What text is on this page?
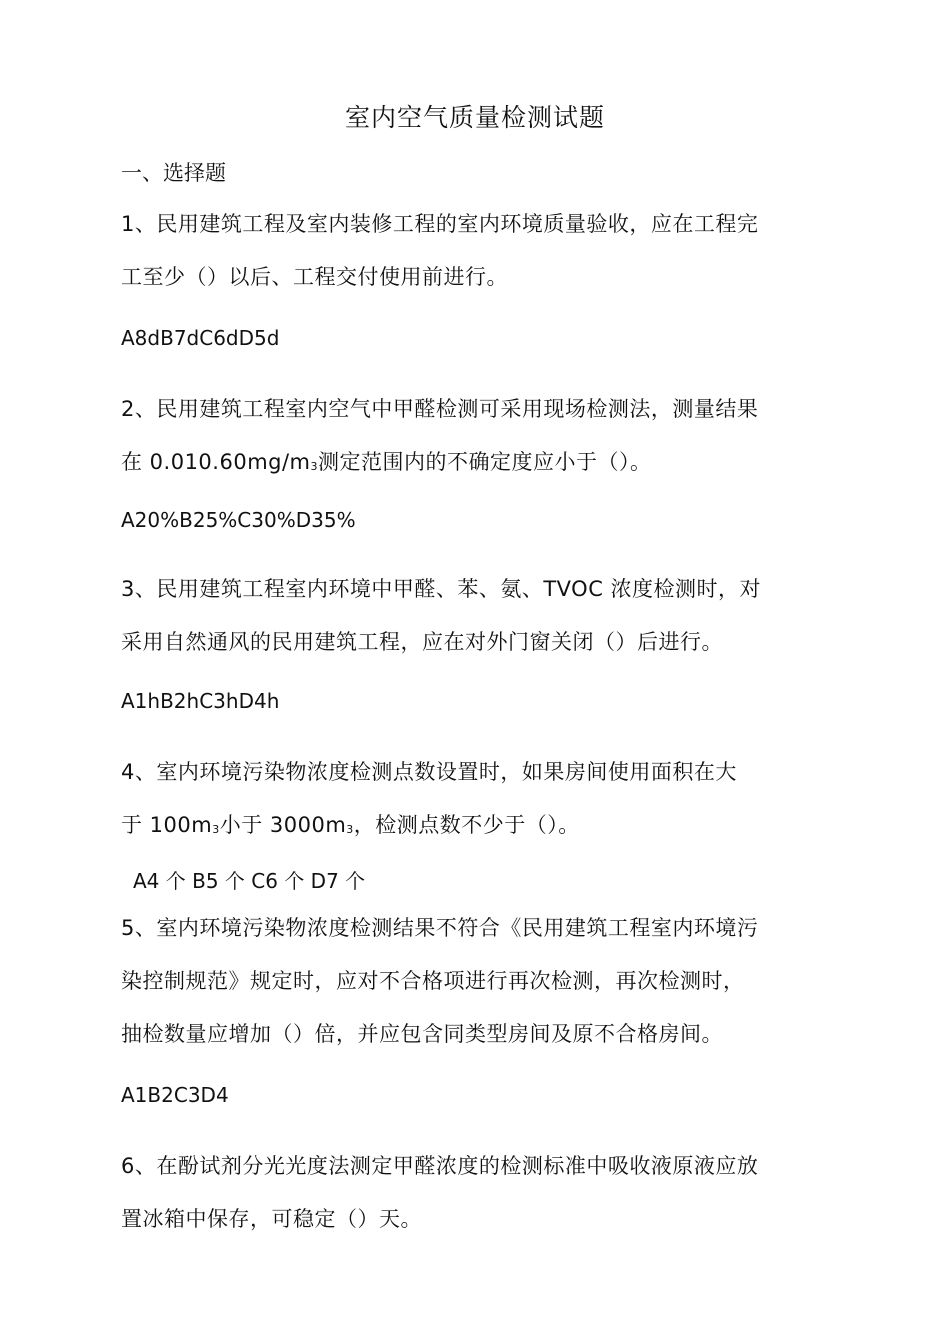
室内空气质量检测试题
一、选择题
1、民用建筑工程及室内装修工程的室内环境质量验收，应在工程完
工至少（）以后、工程交付使用前进行。
A8dB7dC6dD5d
2、民用建筑工程室内空气中甲醛检测可采用现场检测法，测量结果
在 $0.010.60mg/m_3$测定范围内的不确定度应小于（）。
A20%B25%C30%D35%
3、民用建筑工程室内环境中甲醛、苯、氨、TVOC 浓度检测时，对
采用自然通风的民用建筑工程，应在对外门窗关闭（）后进行。
A1hB2hC3hD4h
4、室内环境污染物浓度检测点数设置时，如果房间使用面积在大
于 $100m_3$小于 $3000m_3$，检测点数不少于（）。
A4 个 B5 个 C6 个 D7 个
5、室内环境污染物浓度检测结果不符合《民用建筑工程室内环境污
染控制规范》规定时，应对不合格项进行再次检测，再次检测时，
抽检数量应增加（）倍，并应包含同类型房间及原不合格房间。
A1B2C3D4
6、在酚试剂分光光度法测定甲醛浓度的检测标准中吸收液原液应放
置冰箱中保存，可稳定（）天。
